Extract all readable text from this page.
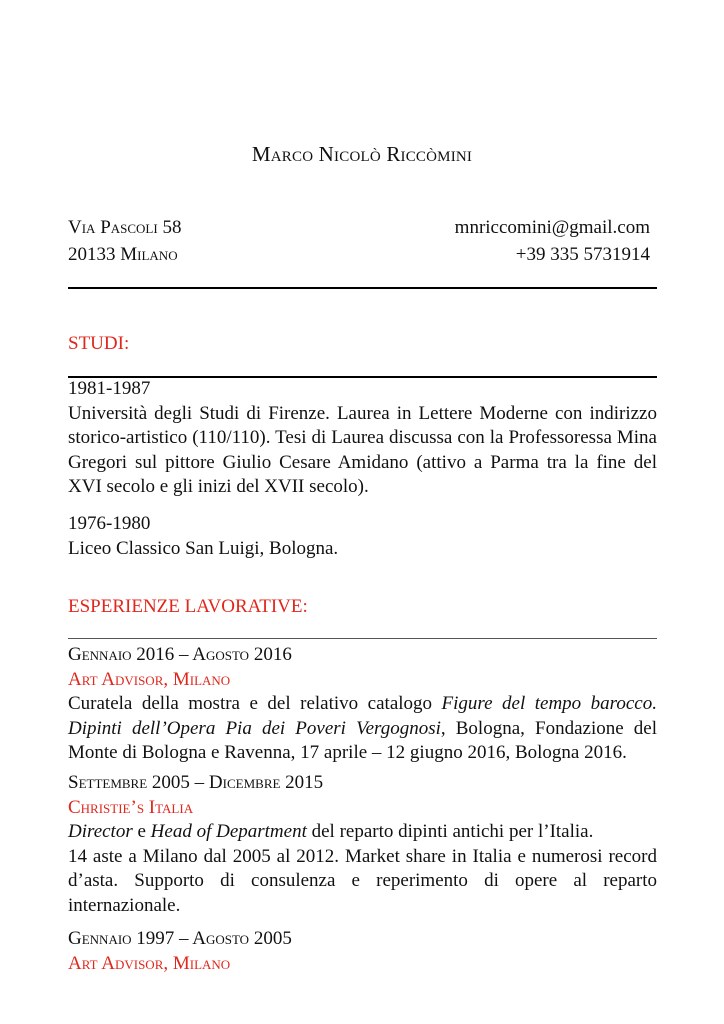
Marco Nicolò Riccòmini
Via Pascoli 58	mnriccomini@gmail.com
20133 Milano	+39 335 5731914
STUDI:

1981-1987

Università degli Studi di Firenze. Laurea in Lettere Moderne con indirizzo storico-artistico (110/110). Tesi di Laurea discussa con la Professoressa Mina Gregori sul pittore Giulio Cesare Amidano (attivo a Parma tra la fine del XVI secolo e gli inizi del XVII secolo).

1976-1980

Liceo Classico San Luigi, Bologna.

ESPERIENZE LAVORATIVE:

Gennaio 2016 – Agosto 2016

Art Advisor, Milano

Curatela della mostra e del relativo catalogo Figure del tempo barocco. Dipinti dell’Opera Pia dei Poveri Vergognosi, Bologna, Fondazione del Monte di Bologna e Ravenna, 17 aprile – 12 giugno 2016, Bologna 2016.

Settembre 2005 – Dicembre 2015

Christie’s Italia

Director e Head of Department del reparto dipinti antichi per l’Italia.

14 aste a Milano dal 2005 al 2012. Market share in Italia e numerosi record d’asta. Supporto di consulenza e reperimento di opere al reparto internazionale.

Gennaio 1997 – Agosto 2005

Art Advisor, Milano
